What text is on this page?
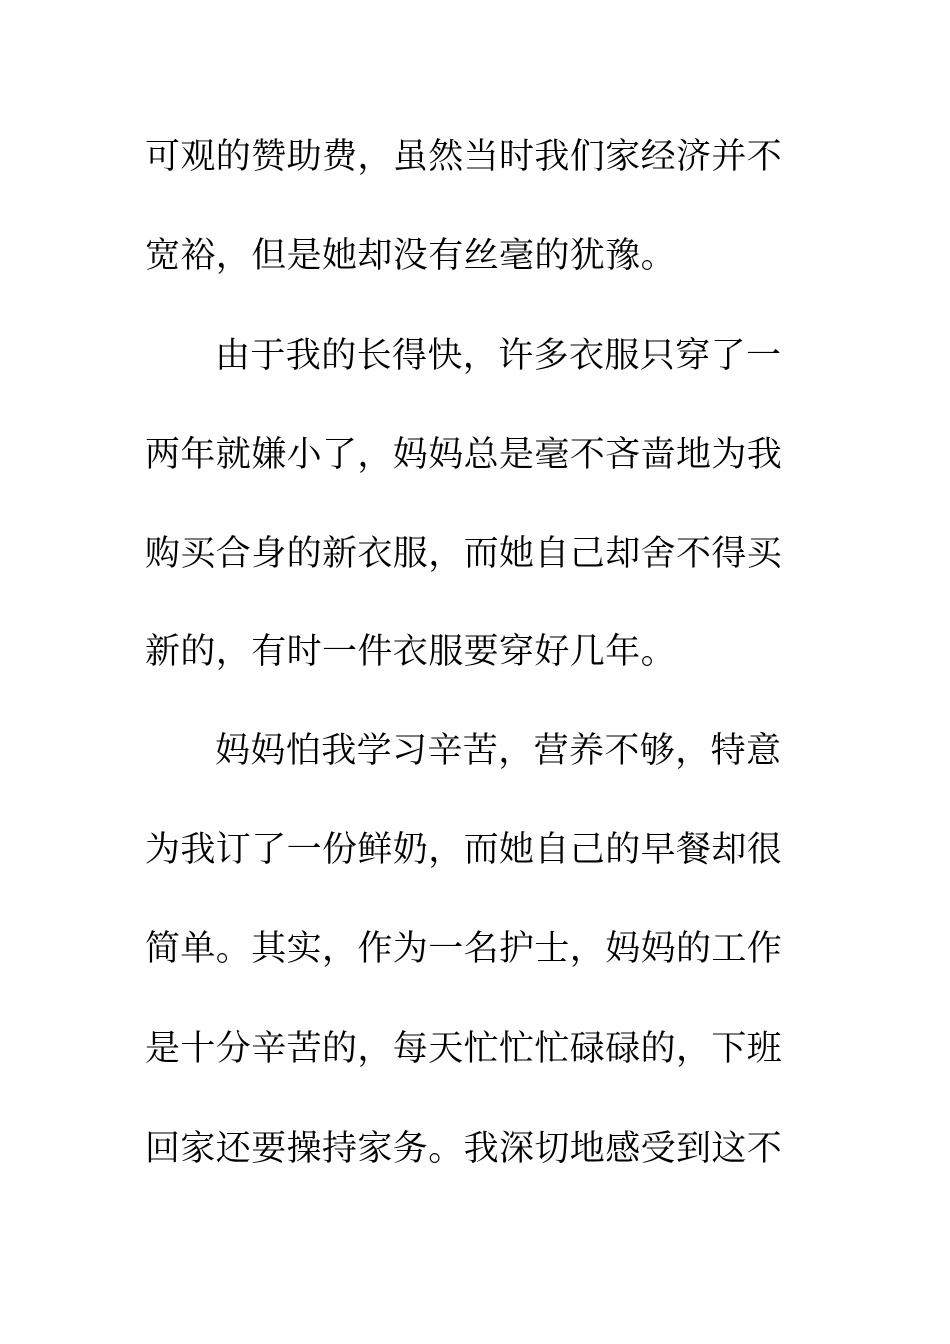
可观的赞助费，虽然当时我们家经济并不
宽裕，但是她却没有丝毫的犹豫。
由于我的长得快，许多衣服只穿了一
两年就嫌小了，妈妈总是毫不吝啬地为我
购买合身的新衣服，而她自己却舍不得买
新的，有时一件衣服要穿好几年。
妈妈怕我学习辛苦，营养不够，特意
为我订了一份鲜奶，而她自己的早餐却很
简单。其实，作为一名护士，妈妈的工作
是十分辛苦的，每天忙忙忙碌碌的，下班
回家还要操持家务。我深切地感受到这不
